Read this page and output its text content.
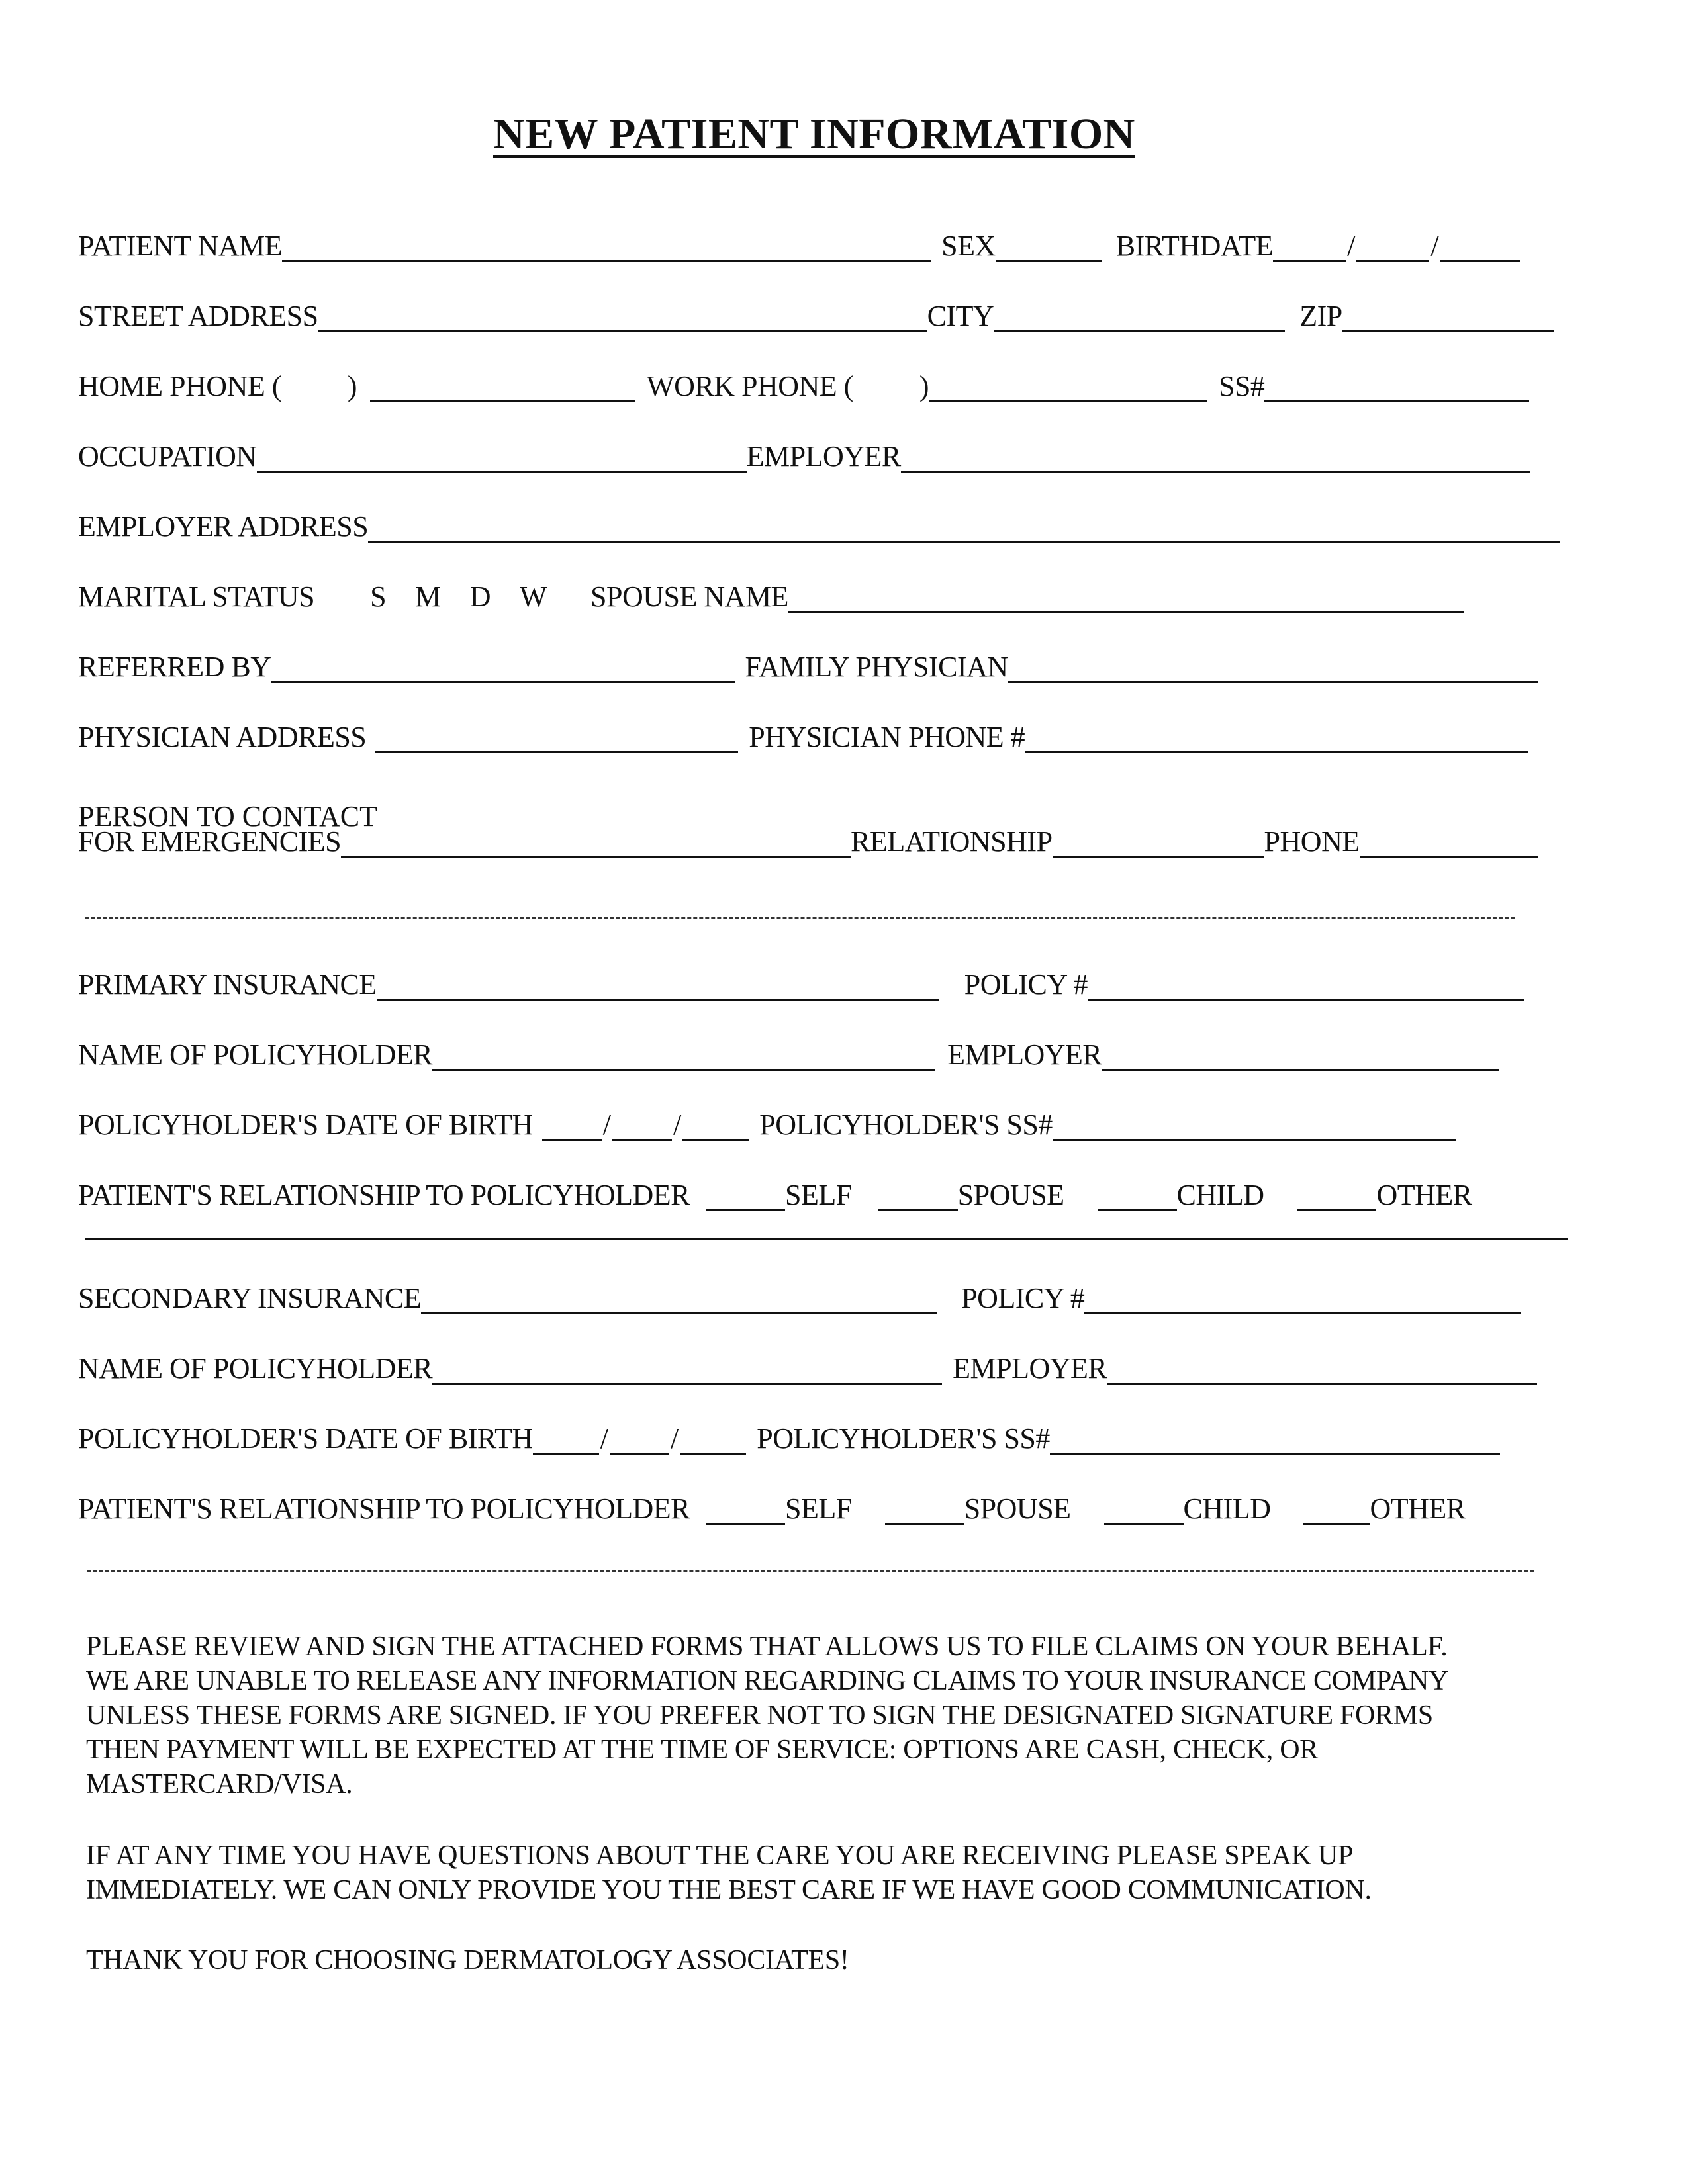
NEW PATIENT INFORMATION
PATIENT NAME	SEX	BIRTHDATE	/	/
STREET ADDRESS	CITY	ZIP
HOME PHONE ( )	WORK PHONE ( )	SS#
OCCUPATION	EMPLOYER
EMPLOYER ADDRESS
MARITAL STATUS S M D W SPOUSE NAME
REFERRED BY	FAMILY PHYSICIAN
PHYSICIAN ADDRESS	PHYSICIAN PHONE #
PERSON TO CONTACT
FOR EMERGENCIES	RELATIONSHIP	PHONE
PRIMARY INSURANCE	POLICY #
NAME OF POLICYHOLDER	EMPLOYER
POLICYHOLDER'S DATE OF BIRTH / /	POLICYHOLDER'S SS#
PATIENT'S RELATIONSHIP TO POLICYHOLDER	SELF	SPOUSE	CHILD	OTHER
SECONDARY INSURANCE	POLICY #
NAME OF POLICYHOLDER	EMPLOYER
POLICYHOLDER'S DATE OF BIRTH / /	POLICYHOLDER'S SS#
PATIENT'S RELATIONSHIP TO POLICYHOLDER	SELF	SPOUSE	CHILD	OTHER

PLEASE REVIEW AND SIGN THE ATTACHED FORMS THAT ALLOWS US TO FILE CLAIMS ON YOUR BEHALF.

WE ARE UNABLE TO RELEASE ANY INFORMATION REGARDING CLAIMS TO YOUR INSURANCE COMPANY

UNLESS THESE FORMS ARE SIGNED. IF YOU PREFER NOT TO SIGN THE DESIGNATED SIGNATURE FORMS

THEN PAYMENT WILL BE EXPECTED AT THE TIME OF SERVICE: OPTIONS ARE CASH, CHECK, OR

MASTERCARD/VISA.

IF AT ANY TIME YOU HAVE QUESTIONS ABOUT THE CARE YOU ARE RECEIVING PLEASE SPEAK UP

IMMEDIATELY. WE CAN ONLY PROVIDE YOU THE BEST CARE IF WE HAVE GOOD COMMUNICATION.

THANK YOU FOR CHOOSING DERMATOLOGY ASSOCIATES!
